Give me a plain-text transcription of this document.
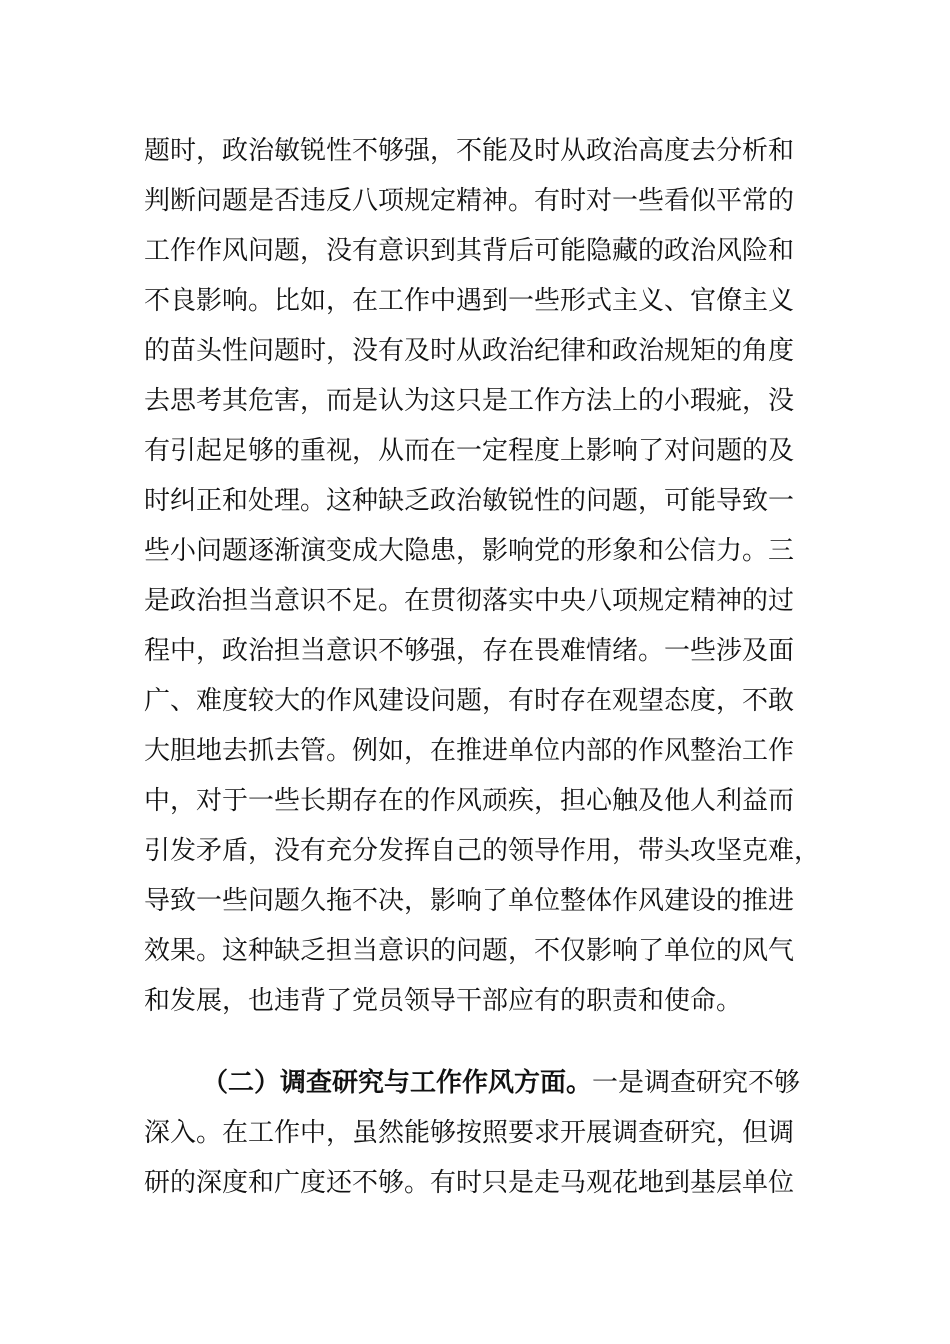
题时，政治敏锐性不够强，不能及时从政治高度去分析和
判断问题是否违反八项规定精神。有时对一些看似平常的
工作作风问题，没有意识到其背后可能隐藏的政治风险和
不良影响。比如，在工作中遇到一些形式主义、官僚主义
的苗头性问题时，没有及时从政治纪律和政治规矩的角度
去思考其危害，而是认为这只是工作方法上的小瑕疵，没
有引起足够的重视，从而在一定程度上影响了对问题的及
时纠正和处理。这种缺乏政治敏锐性的问题，可能导致一
些小问题逐渐演变成大隐患，影响党的形象和公信力。三
是政治担当意识不足。在贯彻落实中央八项规定精神的过
程中，政治担当意识不够强，存在畏难情绪。一些涉及面
广、难度较大的作风建设问题，有时存在观望态度，不敢
大胆地去抓去管。例如，在推进单位内部的作风整治工作
中，对于一些长期存在的作风顽疾，担心触及他人利益而
引发矛盾，没有充分发挥自己的领导作用，带头攻坚克难，
导致一些问题久拖不决，影响了单位整体作风建设的推进
效果。这种缺乏担当意识的问题，不仅影响了单位的风气
和发展，也违背了党员领导干部应有的职责和使命。
（二）调查研究与工作作风方面。一是调查研究不够
深入。在工作中，虽然能够按照要求开展调查研究，但调
研的深度和广度还不够。有时只是走马观花地到基层单位
